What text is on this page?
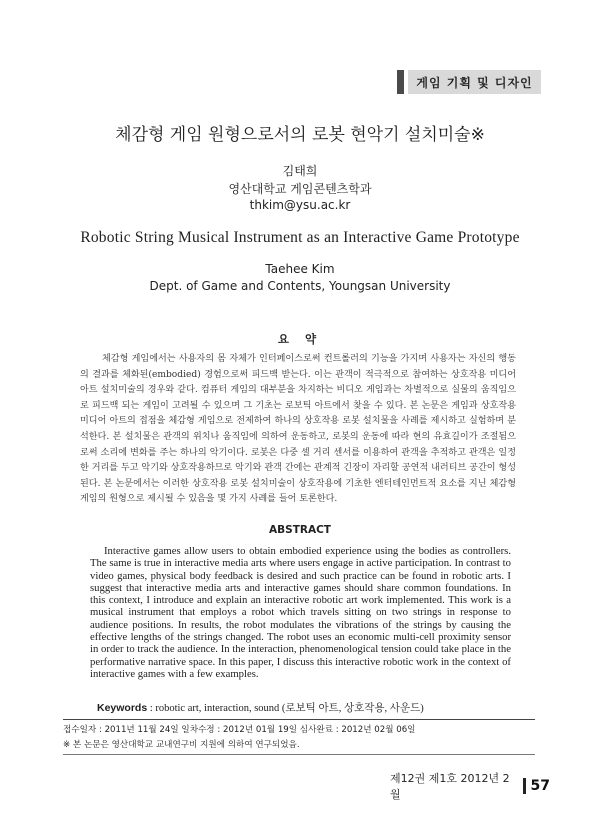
게임 기획 및 디자인
체감형 게임 원형으로서의 로봇 현악기 설치미술※
김태희
영산대학교 게임콘텐츠학과
thkim@ysu.ac.kr
Robotic String Musical Instrument as an Interactive Game Prototype
Taehee Kim
Dept. of Game and Contents, Youngsan University
요 약
체감형 게임에서는 사용자의 몸 자체가 인터페이스로써 컨트롤러의 기능을 가지며 사용자는 자신의 행동의 결과를 체화된(embodied) 경험으로써 피드백 받는다. 이는 관객이 적극적으로 참여하는 상호작용 미디어 아트 설치미술의 경우와 같다. 컴퓨터 게임의 대부분을 차지하는 비디오 게임과는 차별적으로 실물의 움직임으로 피드백 되는 게임이 고려될 수 있으며 그 기초는 로보틱 아트에서 찾을 수 있다. 본 논문은 게임과 상호작용 미디어 아트의 접점을 체감형 게임으로 전제하여 하나의 상호작용 로봇 설치물을 사례를 제시하고 실험하며 분석한다. 본 설치물은 관객의 위치나 움직임에 의하여 운동하고, 로봇의 운동에 따라 현의 유효길이가 조절됨으로써 소리에 변화를 주는 하나의 악기이다. 로봇은 다중 셀 거리 센서를 이용하여 관객을 추적하고 관객은 일정한 거리를 두고 악기와 상호작용하므로 악기와 관객 간에는 관계적 긴장이 자리할 공연적 내러티브 공간이 형성된다. 본 논문에서는 이러한 상호작용 로봇 설치미술이 상호작용에 기초한 엔터테인먼트적 요소를 지닌 체감형 게임의 원형으로 제시될 수 있음을 몇 가지 사례를 들어 토론한다.
ABSTRACT
Interactive games allow users to obtain embodied experience using the bodies as controllers. The same is true in interactive media arts where users engage in active participation. In contrast to video games, physical body feedback is desired and such practice can be found in robotic arts. I suggest that interactive media arts and interactive games should share common foundations. In this context, I introduce and explain an interactive robotic art work implemented. This work is a musical instrument that employs a robot which travels sitting on two strings in response to audience positions. In results, the robot modulates the vibrations of the strings by causing the effective lengths of the strings changed. The robot uses an economic multi-cell proximity sensor in order to track the audience. In the interaction, phenomenological tension could take place in the performative narrative space. In this paper, I discuss this interactive robotic work in the context of interactive games with a few examples.
Keywords : robotic art, interaction, sound (로보틱 아트, 상호작용, 사운드)
접수일자 : 2011년 11월 24일 일차수정 : 2012년 01월 19일 심사완료 : 2012년 02월 06일
※ 본 논문은 영산대학교 교내연구비 지원에 의하여 연구되었음.
제12권 제1호 2012년 2월
57
